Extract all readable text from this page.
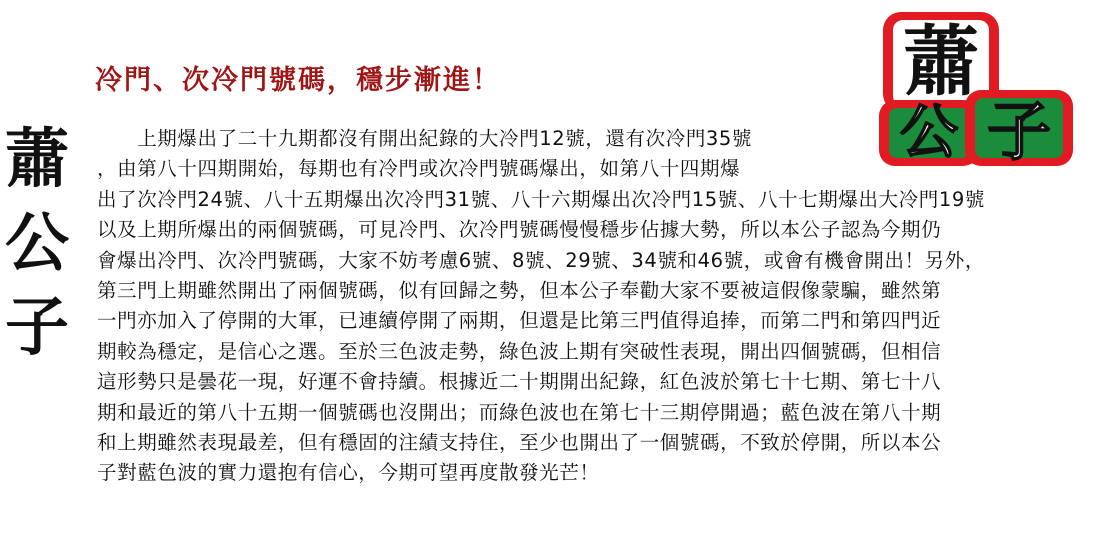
蕭
公
子
冷門、次冷門號碼，穩步漸進！
　　上期爆出了二十九期都沒有開出紀錄的大冷門12號，還有次冷門35號
，由第八十四期開始，每期也有冷門或次冷門號碼爆出，如第八十四期爆
出了次冷門24號、八十五期爆出次冷門31號、八十六期爆出次冷門15號、八十七期爆出大冷門19號
以及上期所爆出的兩個號碼，可見冷門、次冷門號碼慢慢穩步佔據大勢，所以本公子認為今期仍
會爆出冷門、次冷門號碼，大家不妨考慮6號、8號、29號、34號和46號，或會有機會開出！另外，
第三門上期雖然開出了兩個號碼，似有回歸之勢，但本公子奉勸大家不要被這假像蒙騙，雖然第
一門亦加入了停開的大軍，已連續停開了兩期，但還是比第三門值得追捧，而第二門和第四門近
期較為穩定，是信心之選。至於三色波走勢，綠色波上期有突破性表現，開出四個號碼，但相信
這形勢只是曇花一現，好運不會持續。根據近二十期開出紀錄，紅色波於第七十七期、第七十八
期和最近的第八十五期一個號碼也沒開出；而綠色波也在第七十三期停開過；藍色波在第八十期
和上期雖然表現最差，但有穩固的注績支持住，至少也開出了一個號碼，不致於停開，所以本公
子對藍色波的實力還抱有信心，今期可望再度散發光芒！
蕭
公 子
